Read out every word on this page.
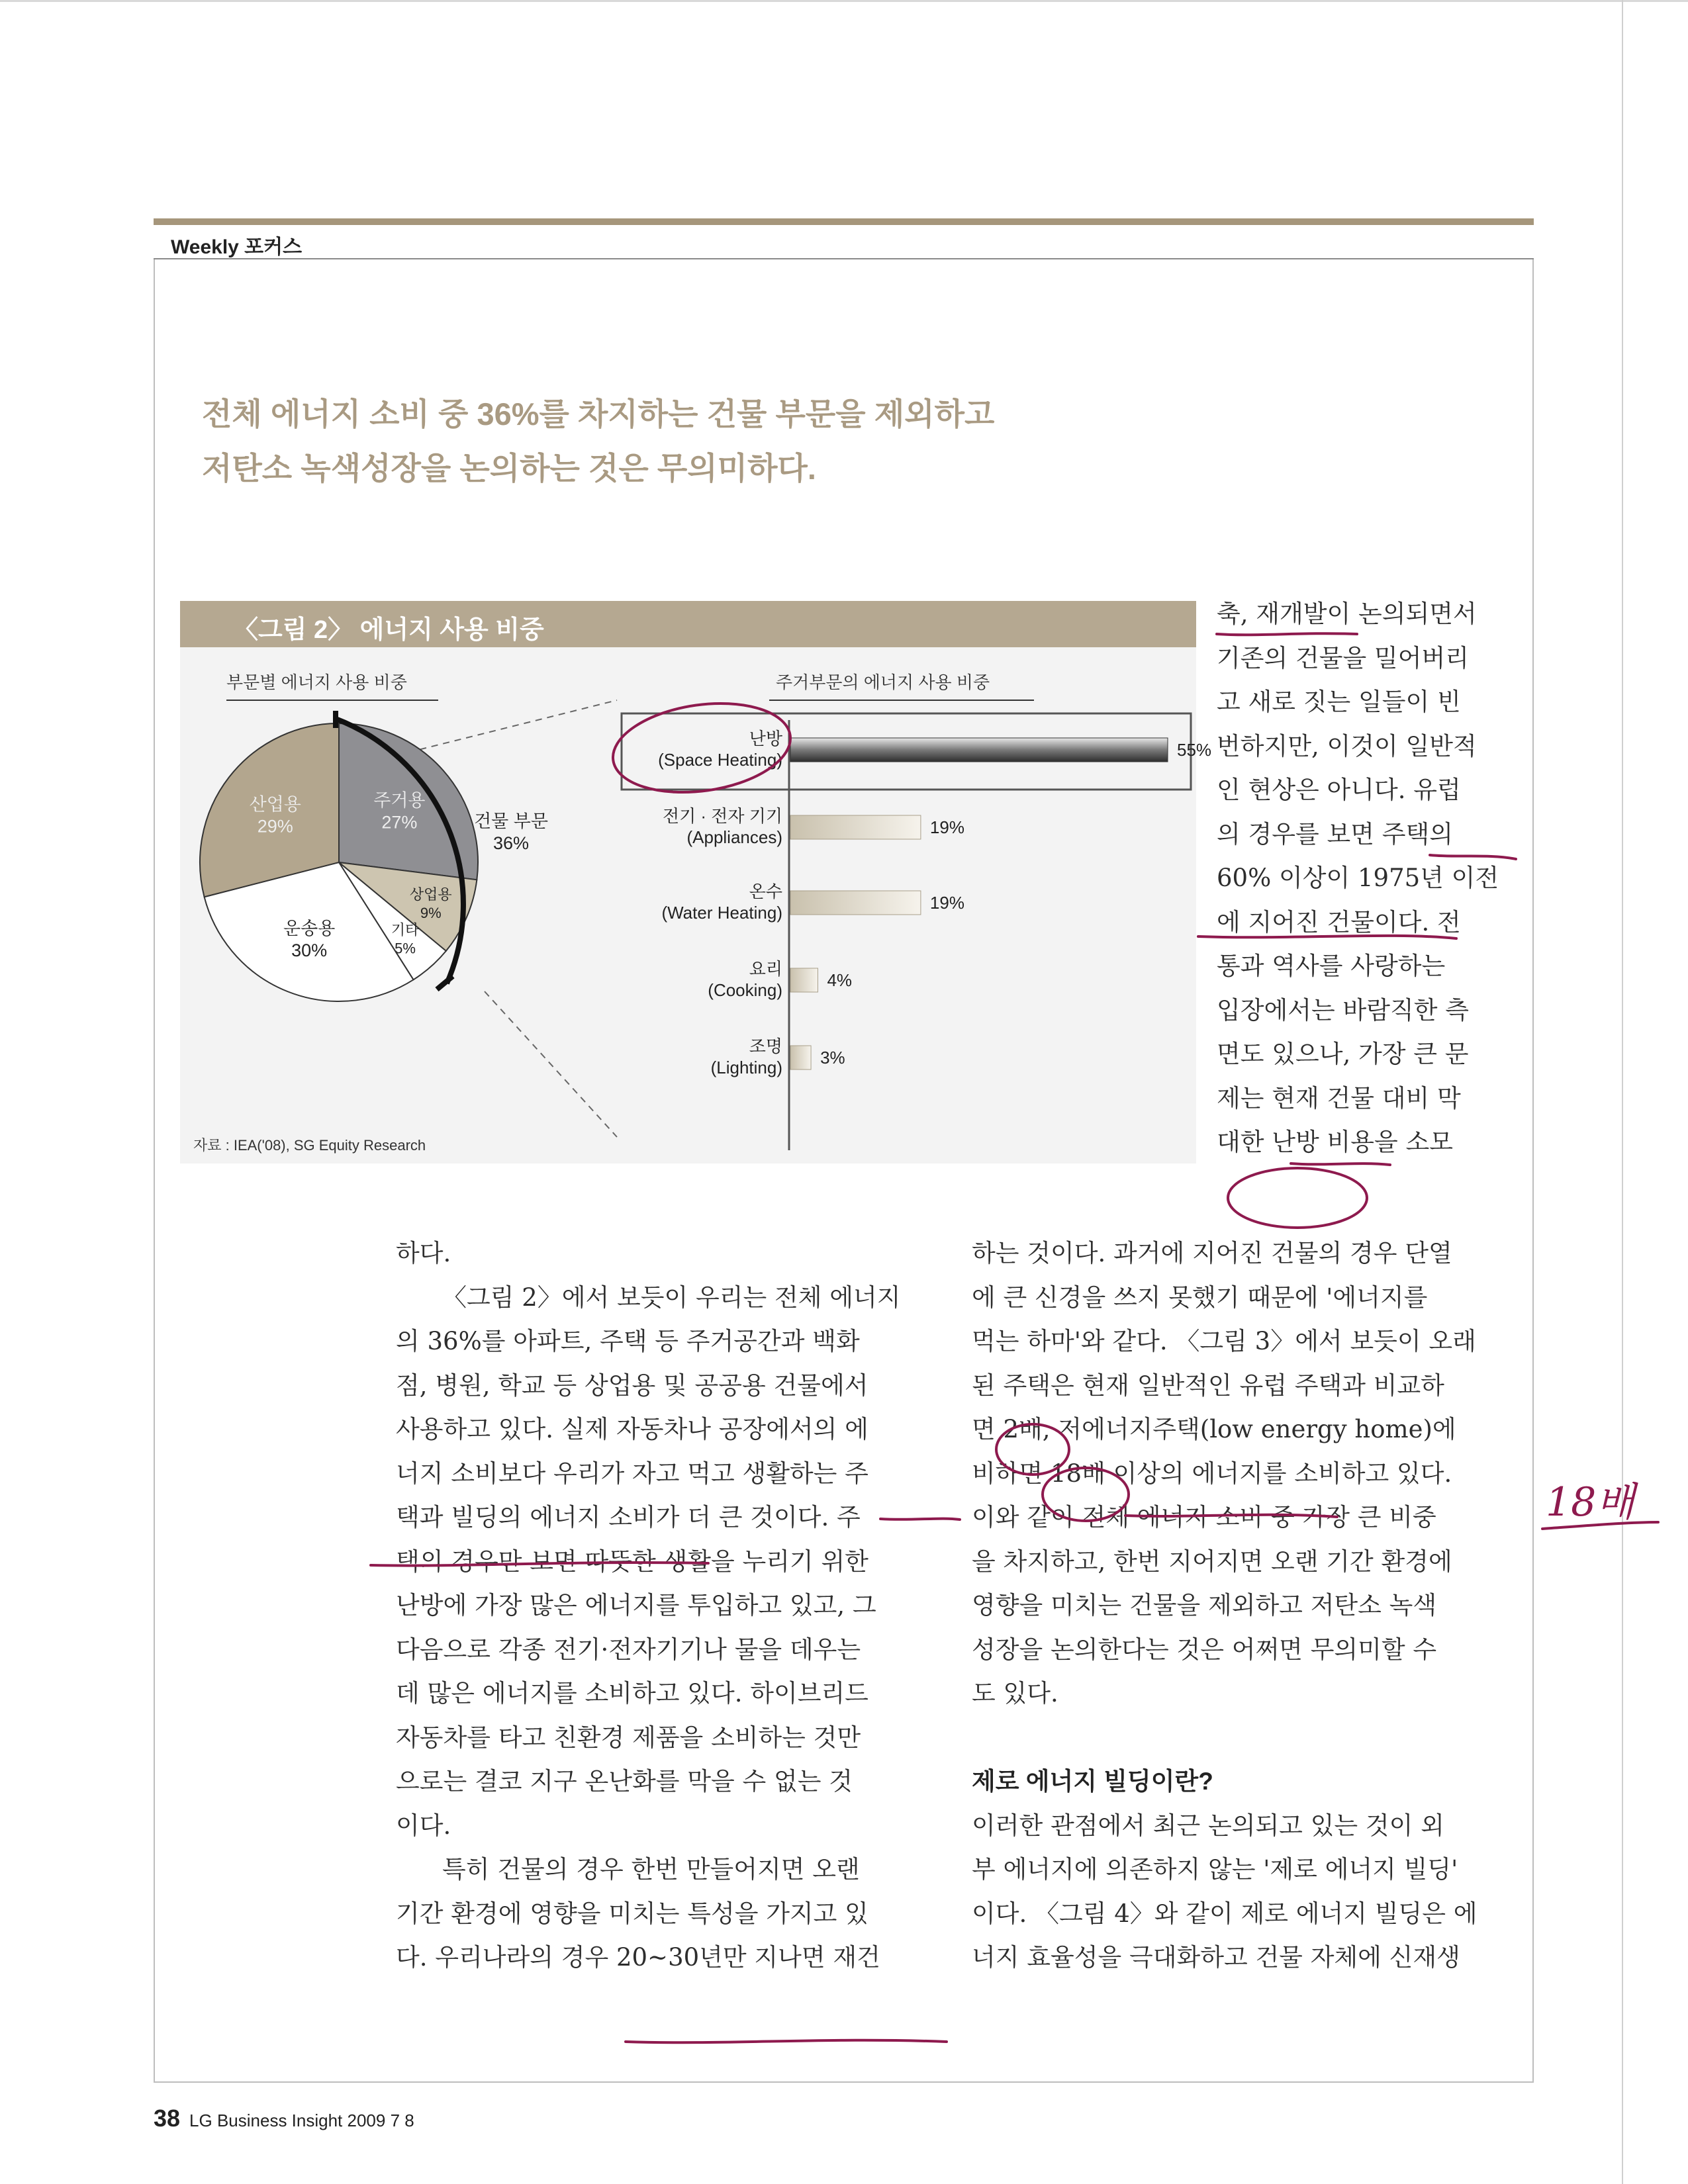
Weekly 포커스
전체 에너지 소비 중 36%를 차지하는 건물 부문을 제외하고
저탄소 녹색성장을 논의하는 것은 무의미하다.
〈그림 2〉 에너지 사용 비중
부문별 에너지 사용 비중	주거부문의 에너지 사용 비중
주거용
27%
상업용
9%
기타
5%
운송용
30%
산업용
29%	건물 부문
36%
55%
난방
(Space Heating)
19%
전기 · 전자 기기
(Appliances)
19%
온수
(Water Heating)
4%
요리
(Cooking)
3%
조명
(Lighting)
자료 : IEA('08), SG Equity Research
축, 재개발이 논의되면서
기존의 건물을 밀어버리
고 새로 짓는 일들이 빈
번하지만, 이것이 일반적
인 현상은 아니다. 유럽
의 경우를 보면 주택의
60% 이상이 1975년 이전
에 지어진 건물이다. 전
통과 역사를 사랑하는
입장에서는 바람직한 측
면도 있으나, 가장 큰 문
제는 현재 건물 대비 막
대한 난방 비용을 소모
하다.
〈그림 2〉에서 보듯이 우리는 전체 에너지
의 36%를 아파트, 주택 등 주거공간과 백화
점, 병원, 학교 등 상업용 및 공공용 건물에서
사용하고 있다. 실제 자동차나 공장에서의 에
너지 소비보다 우리가 자고 먹고 생활하는 주
택과 빌딩의 에너지 소비가 더 큰 것이다. 주
택의 경우만 보면 따뜻한 생활을 누리기 위한
난방에 가장 많은 에너지를 투입하고 있고, 그
다음으로 각종 전기·전자기기나 물을 데우는
데 많은 에너지를 소비하고 있다. 하이브리드
자동차를 타고 친환경 제품을 소비하는 것만
으로는 결코 지구 온난화를 막을 수 없는 것
이다.
특히 건물의 경우 한번 만들어지면 오랜
기간 환경에 영향을 미치는 특성을 가지고 있
다. 우리나라의 경우 20~30년만 지나면 재건
하는 것이다. 과거에 지어진 건물의 경우 단열
에 큰 신경을 쓰지 못했기 때문에 '에너지를
먹는 하마'와 같다. 〈그림 3〉에서 보듯이 오래
된 주택은 현재 일반적인 유럽 주택과 비교하
면 2배, 저에너지주택(low energy home)에
비하면 18배 이상의 에너지를 소비하고 있다.
이와 같이 전체 에너지 소비 중 가장 큰 비중
을 차지하고, 한번 지어지면 오랜 기간 환경에
영향을 미치는 건물을 제외하고 저탄소 녹색
성장을 논의한다는 것은 어쩌면 무의미할 수
도 있다.
제로 에너지 빌딩이란?
이러한 관점에서 최근 논의되고 있는 것이 외
부 에너지에 의존하지 않는 '제로 에너지 빌딩'
이다. 〈그림 4〉와 같이 제로 에너지 빌딩은 에
너지 효율성을 극대화하고 건물 자체에 신재생
18배
38 LG Business Insight 2009 7 8
